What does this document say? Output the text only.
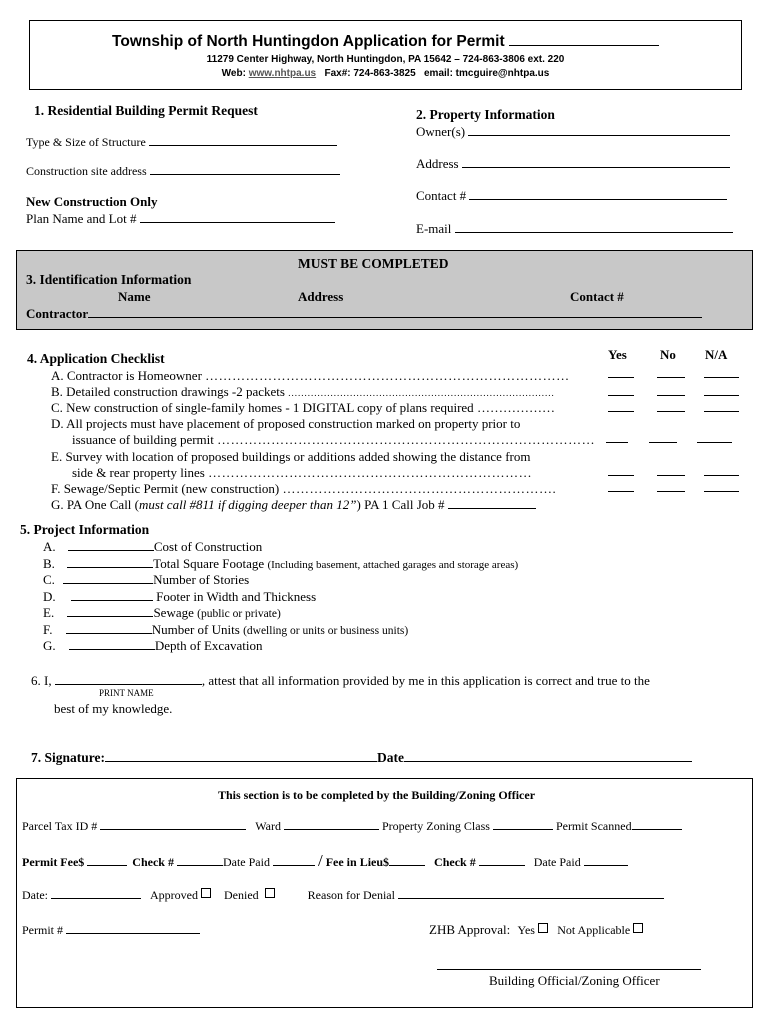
Township of North Huntingdon Application for Permit
11279 Center Highway, North Huntingdon, PA 15642 – 724-863-3806 ext. 220
Web: www.nhtpa.us Fax#: 724-863-3825 email: tmcguire@nhtpa.us
1. Residential Building Permit Request
Type & Size of Structure
Construction site address
New Construction Only
Plan Name and Lot #
2. Property Information
Owner(s)
Address
Contact #
E-mail
MUST BE COMPLETED
3. Identification Information
Name	Address	Contact #
Contractor
4. Application Checklist	Yes	No N/A
A. Contractor is Homeowner ………………………………………………………………………
B. Detailed construction drawings -2 packets ..................................................................................
C. New construction of single-family homes - 1 DIGITAL copy of plans required ………………
D. All projects must have placement of proposed construction marked on property prior to
issuance of building permit …………………………………………………………………………
E. Survey with location of proposed buildings or additions added showing the distance from
side & rear property lines ………………………………………………………………
F. Sewage/Septic Permit (new construction) …………………………………………………….
G. PA One Call (must call #811 if digging deeper than 12”) PA 1 Call Job #
5. Project Information
A.	Cost of Construction
B.	Total Square Footage (Including basement, attached garages and storage areas)
C.	Number of Stories
D.	Footer in Width and Thickness
E.	Sewage (public or private)
F.	Number of Units (dwelling or units or business units)
G.	Depth of Excavation
6. I,	, attest that all information provided by me in this application is correct and true to the
PRINT NAME
best of my knowledge.
7. Signature:	Date
This section is to be completed by the Building/Zoning Officer
Parcel Tax ID #	Ward	Property Zoning Class	Permit Scanned
Permit Fee$	Check #	Date Paid	/ Fee in Lieu$	Check #	Date Paid
Date:	Approved Denied	Reason for Denial
Permit #	ZHB Approval: Yes Not Applicable
Building Official/Zoning Officer
